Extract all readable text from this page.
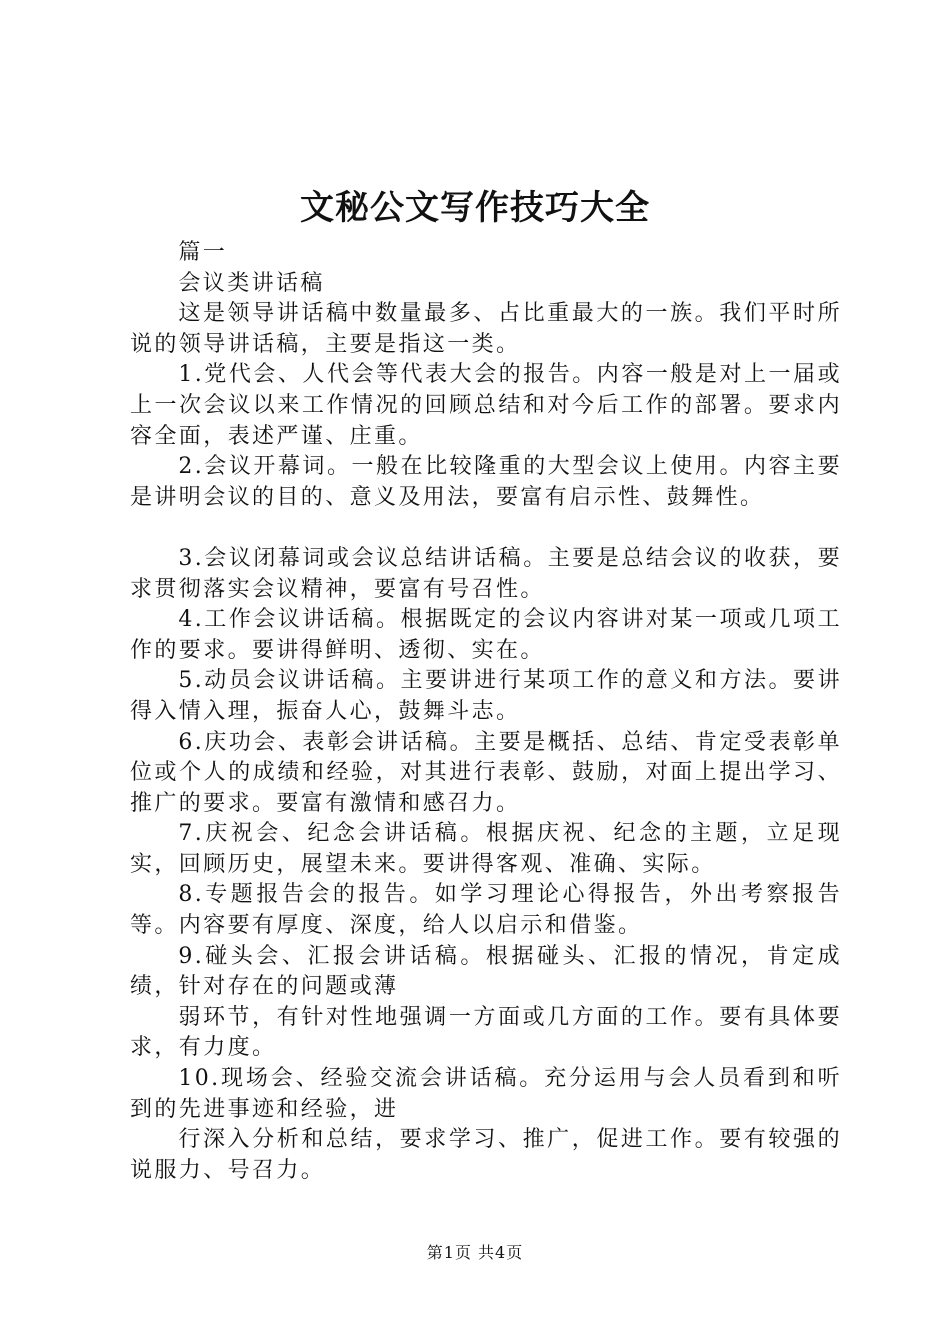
文秘公文写作技巧大全

篇一

会议类讲话稿

这是领导讲话稿中数量最多、占比重最大的一族。我们平时所说的领导讲话稿，主要是指这一类。

1.党代会、人代会等代表大会的报告。内容一般是对上一届或上一次会议以来工作情况的回顾总结和对今后工作的部署。要求内容全面，表述严谨、庄重。

2.会议开幕词。一般在比较隆重的大型会议上使用。内容主要是讲明会议的目的、意义及用法，要富有启示性、鼓舞性。

3.会议闭幕词或会议总结讲话稿。主要是总结会议的收获，要求贯彻落实会议精神，要富有号召性。

4.工作会议讲话稿。根据既定的会议内容讲对某一项或几项工作的要求。要讲得鲜明、透彻、实在。

5.动员会议讲话稿。主要讲进行某项工作的意义和方法。要讲得入情入理，振奋人心，鼓舞斗志。

6.庆功会、表彰会讲话稿。主要是概括、总结、肯定受表彰单位或个人的成绩和经验，对其进行表彰、鼓励，对面上提出学习、推广的要求。要富有激情和感召力。

7.庆祝会、纪念会讲话稿。根据庆祝、纪念的主题，立足现实，回顾历史，展望未来。要讲得客观、准确、实际。

8.专题报告会的报告。如学习理论心得报告，外出考察报告等。内容要有厚度、深度，给人以启示和借鉴。

9.碰头会、汇报会讲话稿。根据碰头、汇报的情况，肯定成绩，针对存在的问题或薄

弱环节，有针对性地强调一方面或几方面的工作。要有具体要求，有力度。

10.现场会、经验交流会讲话稿。充分运用与会人员看到和听到的先进事迹和经验，进

行深入分析和总结，要求学习、推广，促进工作。要有较强的说服力、号召力。

第1页 共4页
